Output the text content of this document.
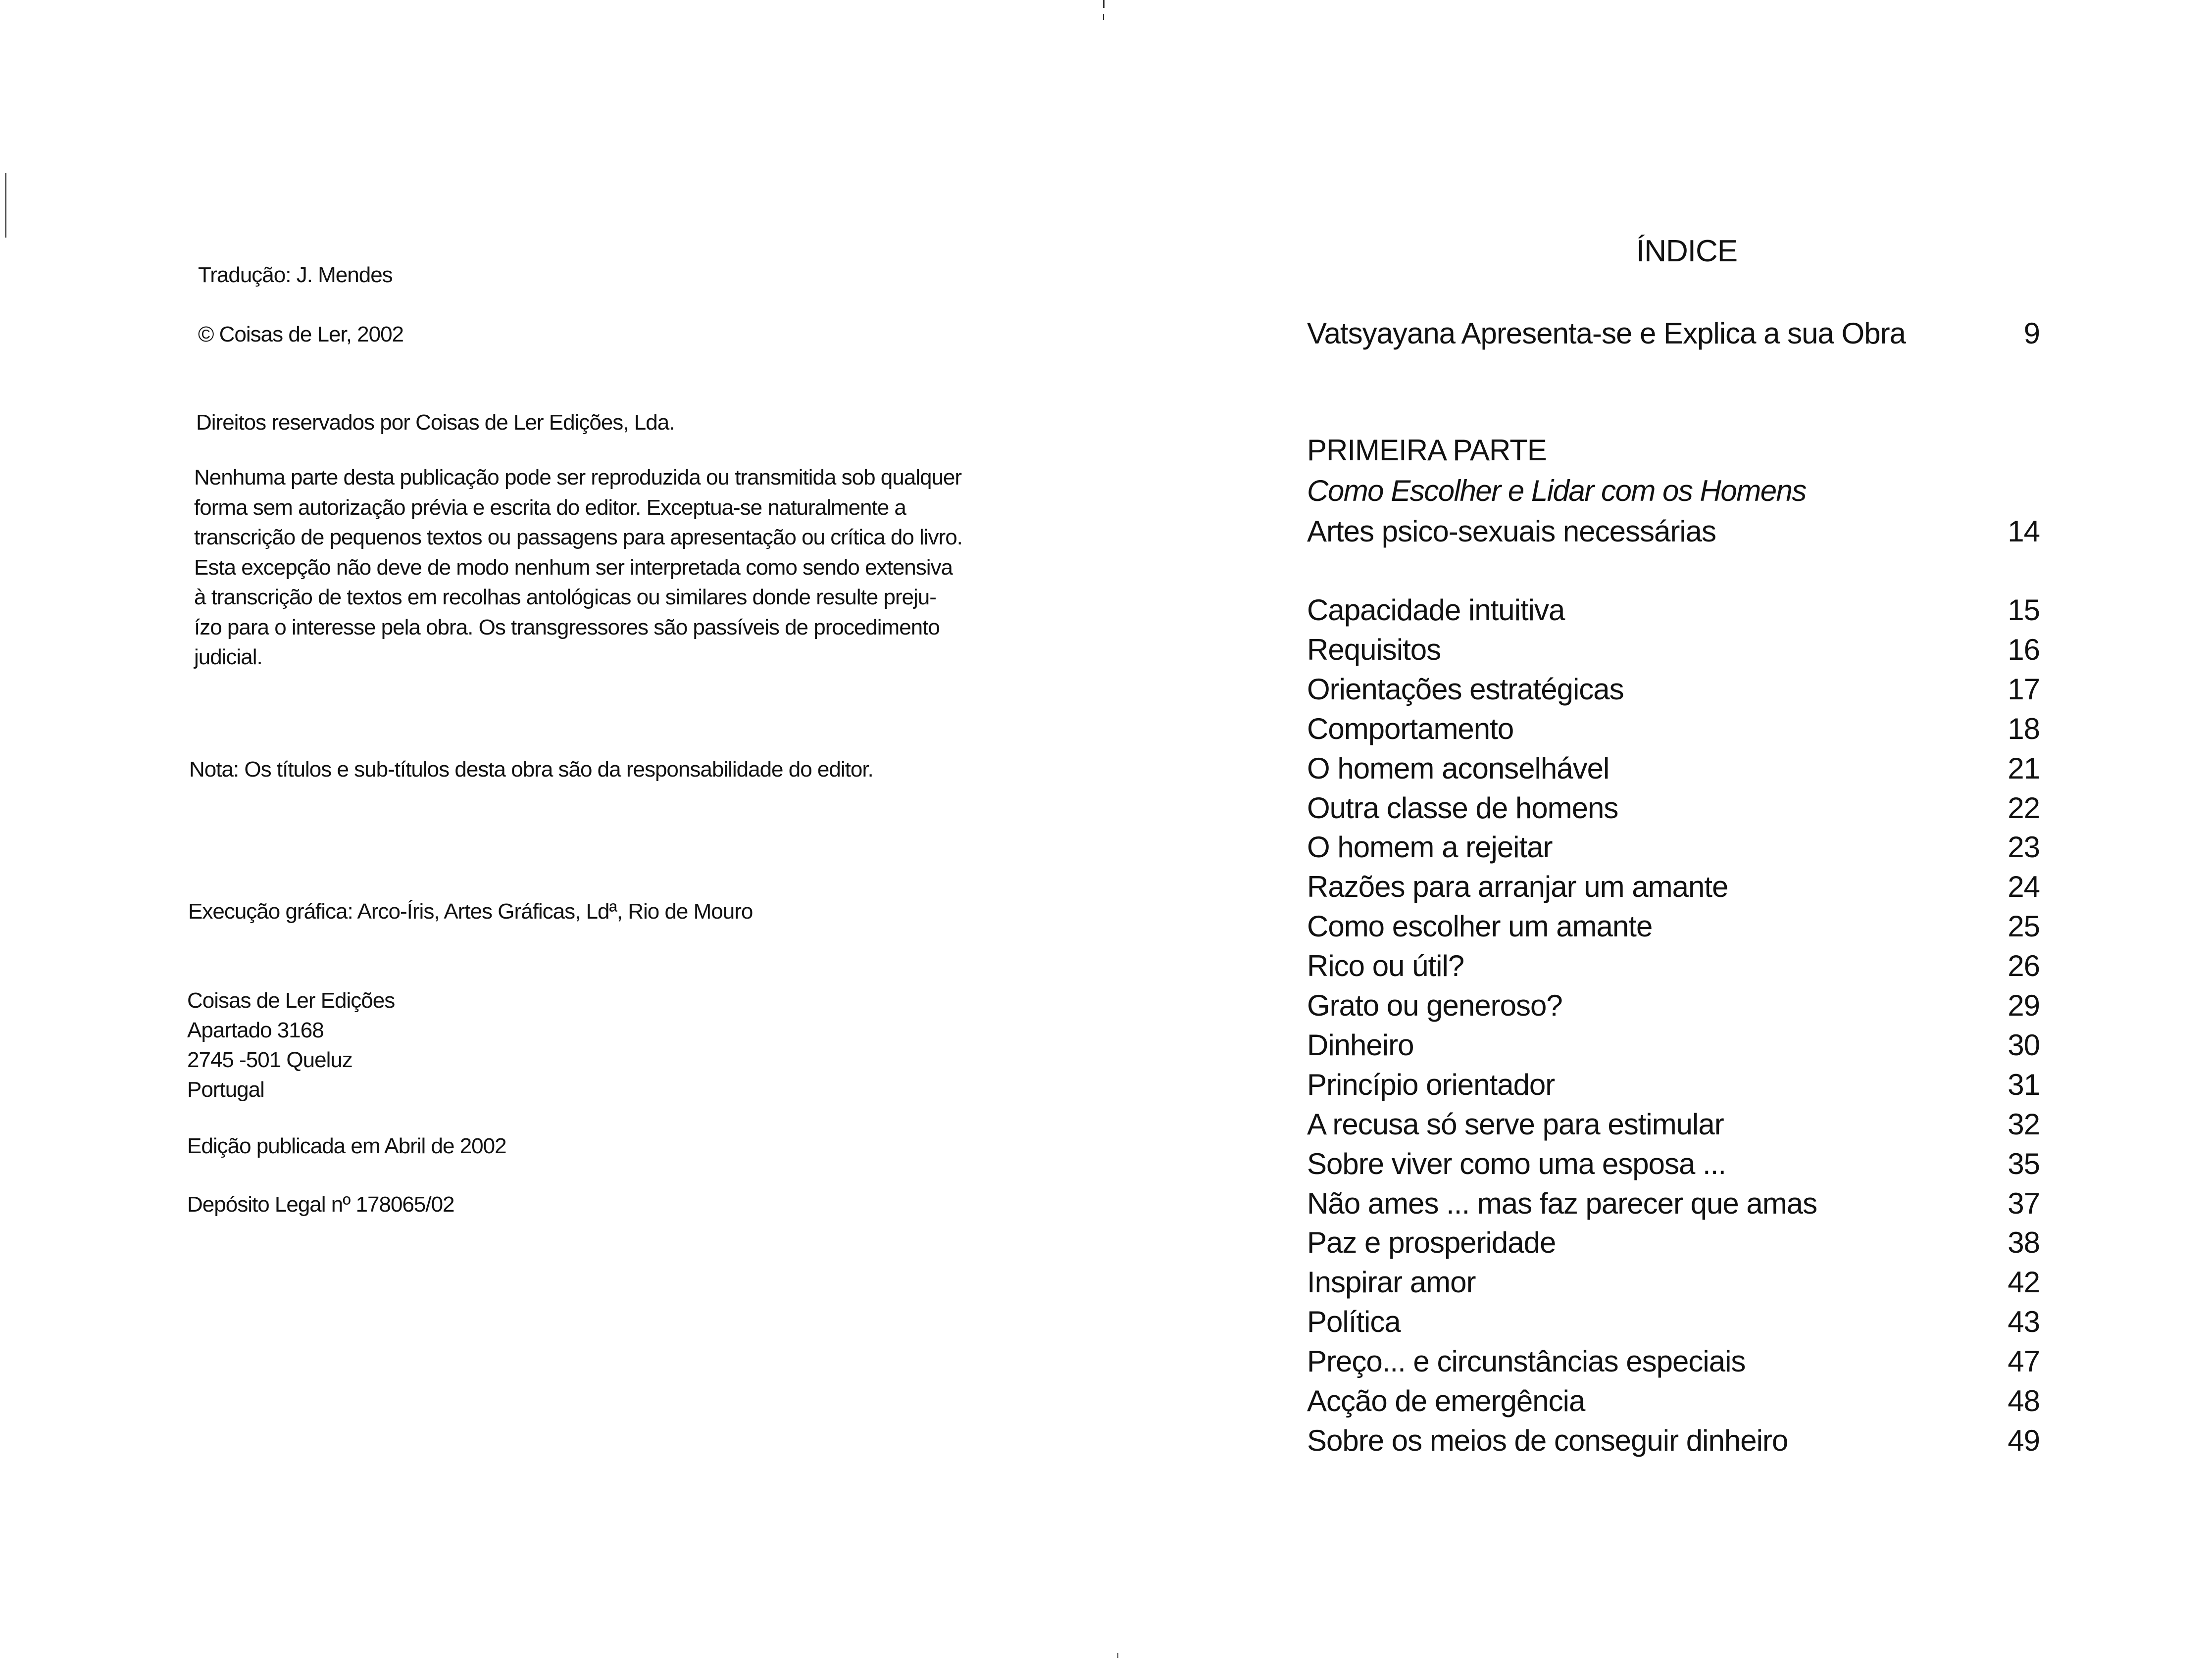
Tradução: J. Mendes
© Coisas de Ler, 2002
Direitos reservados por Coisas de Ler Edições, Lda.
Nenhuma parte desta publicação pode ser reproduzida ou transmitida sob qualquer
forma sem autorização prévia e escrita do editor. Exceptua-se naturalmente a
transcrição de pequenos textos ou passagens para apresentação ou crítica do livro.
Esta excepção não deve de modo nenhum ser interpretada como sendo extensiva
à transcrição de textos em recolhas antológicas ou similares donde resulte preju-
ízo para o interesse pela obra. Os transgressores são passíveis de procedimento
judicial.
Nota: Os títulos e sub-títulos desta obra são da responsabilidade do editor.
Execução gráfica: Arco-Íris, Artes Gráficas, Ldª, Rio de Mouro
Coisas de Ler Edições
Apartado 3168
2745 -501 Queluz
Portugal
Edição publicada em Abril de 2002
Depósito Legal nº 178065/02
ÍNDICE
Vatsyayana Apresenta-se e Explica a sua Obra	9
PRIMEIRA PARTE
Como Escolher e Lidar com os Homens
Artes psico-sexuais necessárias	14
Capacidade intuitiva	15
Requisitos	16
Orientações estratégicas	17
Comportamento	18
O homem aconselhável	21
Outra classe de homens	22
O homem a rejeitar	23
Razões para arranjar um amante	24
Como escolher um amante	25
Rico ou útil?	26
Grato ou generoso?	29
Dinheiro	30
Princípio orientador	31
A recusa só serve para estimular	32
Sobre viver como uma esposa ...	35
Não ames ... mas faz parecer que amas	37
Paz e prosperidade	38
Inspirar amor	42
Política	43
Preço... e circunstâncias especiais	47
Acção de emergência	48
Sobre os meios de conseguir dinheiro	49
